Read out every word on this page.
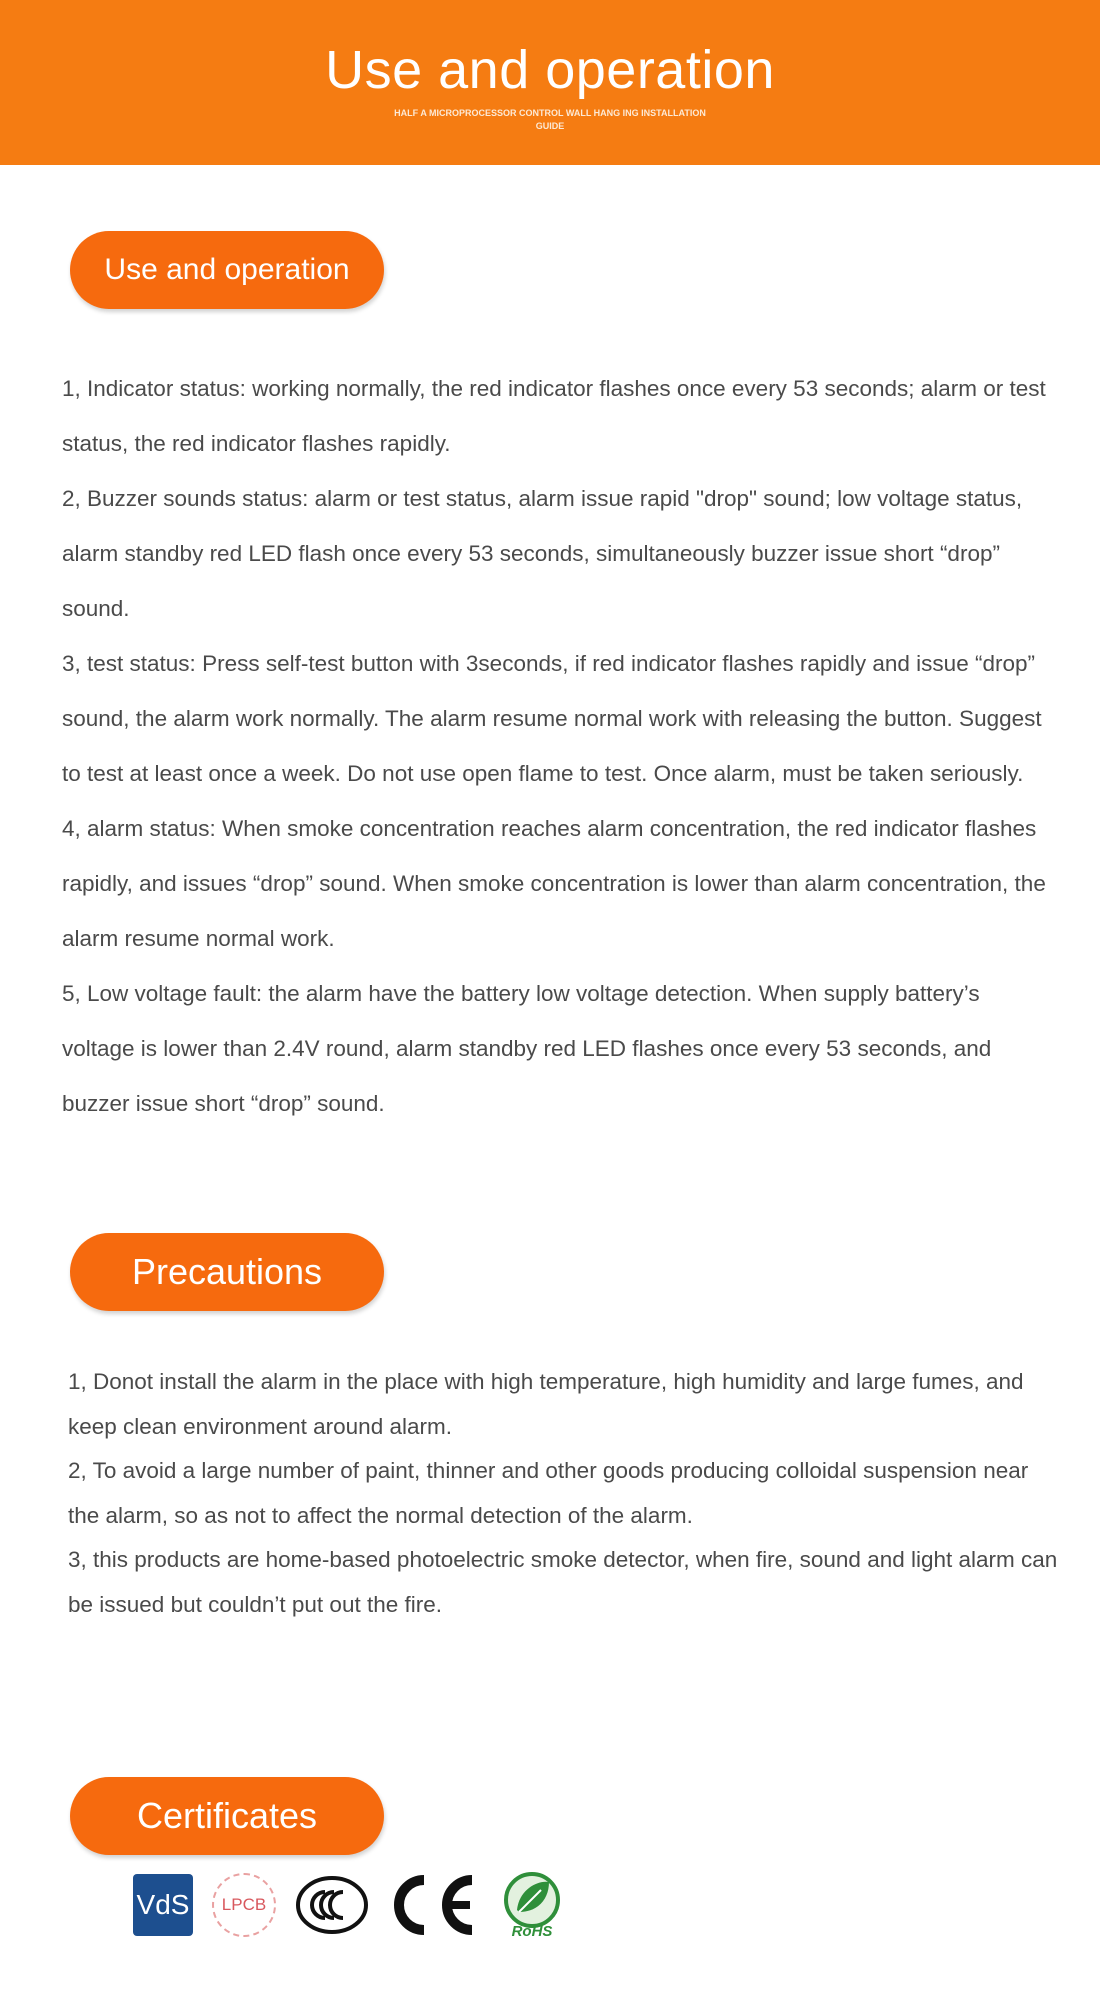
Use and operation
HALF A MICROPROCESSOR CONTROL WALL HANG ING INSTALLATION GUIDE
Use and operation

1, Indicator status: working normally, the red indicator flashes once every 53 seconds; alarm or test status, the red indicator flashes rapidly.

2, Buzzer sounds status: alarm or test status, alarm issue rapid "drop" sound; low voltage status, alarm standby red LED flash once every 53 seconds, simultaneously buzzer issue short “drop” sound.

3, test status: Press self-test button with 3seconds, if red indicator flashes rapidly and issue “drop” sound, the alarm work normally. The alarm resume normal work with releasing the button. Suggest to test at least once a week. Do not use open flame to test. Once alarm, must be taken seriously.

4, alarm status: When smoke concentration reaches alarm concentration, the red indicator flashes rapidly, and issues “drop” sound. When smoke concentration is lower than alarm concentration, the alarm resume normal work.

5, Low voltage fault: the alarm have the battery low voltage detection. When supply battery’s voltage is lower than 2.4V round, alarm standby red LED flashes once every 53 seconds, and buzzer issue short “drop” sound.

Precautions

1, Donot install the alarm in the place with high temperature, high humidity and large fumes, and keep clean environment around alarm.

2, To avoid a large number of paint, thinner and other goods producing colloidal suspension near the alarm, so as not to affect the normal detection of the alarm.

3, this products are home-based photoelectric smoke detector, when fire, sound and light alarm can be issued but couldn’t put out the fire.

Certificates
VdS	LPCB
RoHS
